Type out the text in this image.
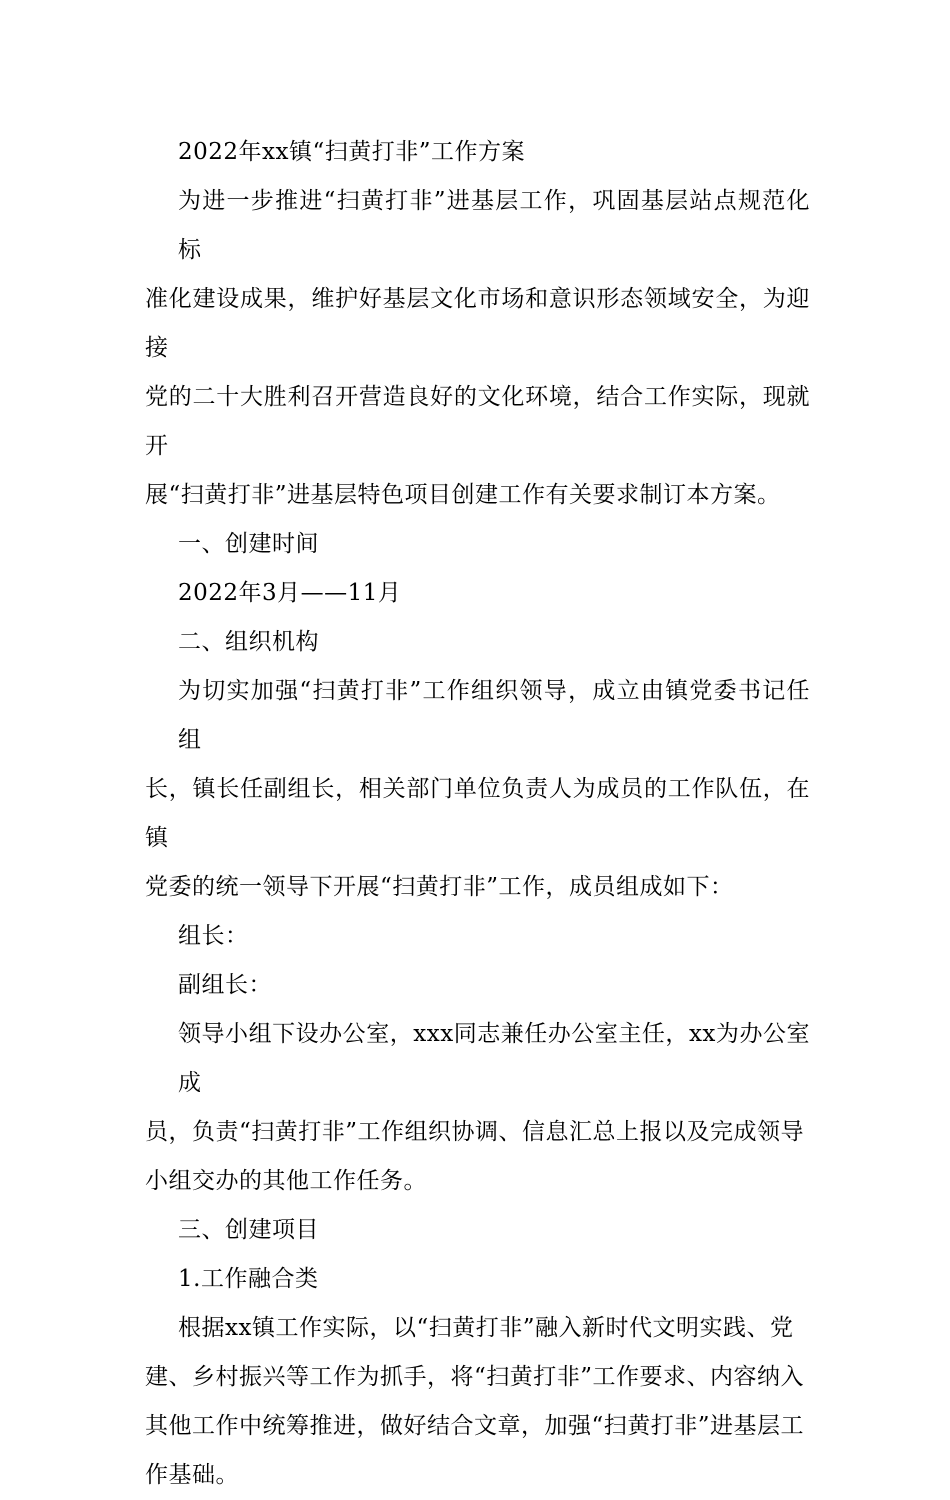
2022年xx镇“扫黄打非”工作方案
为进一步推进“扫黄打非”进基层工作，巩固基层站点规范化标
准化建设成果，维护好基层文化市场和意识形态领域安全，为迎接
党的二十大胜利召开营造良好的文化环境，结合工作实际，现就开
展“扫黄打非”进基层特色项目创建工作有关要求制订本方案。
一、创建时间
2022年3月——11月
二、组织机构
为切实加强“扫黄打非”工作组织领导，成立由镇党委书记任组
长，镇长任副组长，相关部门单位负责人为成员的工作队伍，在镇
党委的统一领导下开展“扫黄打非”工作，成员组成如下：
组长：
副组长：
领导小组下设办公室，xxx同志兼任办公室主任，xx为办公室成
员，负责“扫黄打非”工作组织协调、信息汇总上报以及完成领导
小组交办的其他工作任务。
三、创建项目
1.工作融合类
根据xx镇工作实际，以“扫黄打非”融入新时代文明实践、党
建、乡村振兴等工作为抓手，将“扫黄打非”工作要求、内容纳入
其他工作中统筹推进，做好结合文章，加强“扫黄打非”进基层工
作基础。
